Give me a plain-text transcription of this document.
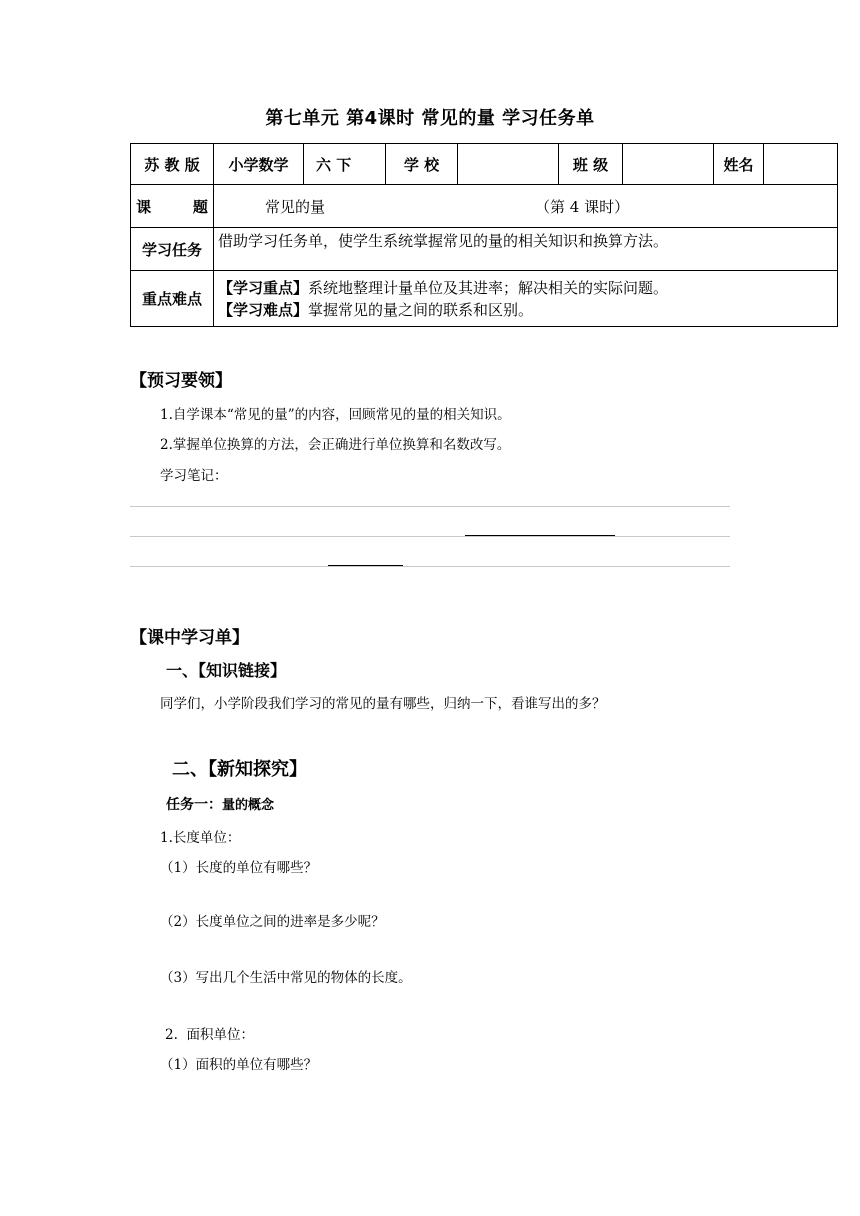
第七单元 第4课时 常见的量 学习任务单
苏 教 版	小学数学	六 下	学 校		班 级		姓名	
课        题	常见的量 （第 4 课时）							
学习任务	借助学习任务单，使学生系统掌握常见的量的相关知识和换算方法。							
重点难点	【学习重点】系统地整理计量单位及其进率；解决相关的实际问题。
【学习难点】掌握常见的量之间的联系和区别。							
【预习要领】
1.自学课本“常见的量”的内容，回顾常见的量的相关知识。
2.掌握单位换算的方法，会正确进行单位换算和名数改写。
学习笔记：
【课中学习单】
一、【知识链接】
同学们，小学阶段我们学习的常见的量有哪些，归纳一下，看谁写出的多？
二、【新知探究】
任务一：量的概念
1.长度单位：
（1）长度的单位有哪些？
（2）长度单位之间的进率是多少呢？
（3）写出几个生活中常见的物体的长度。
2.  面积单位：
（1）面积的单位有哪些？
